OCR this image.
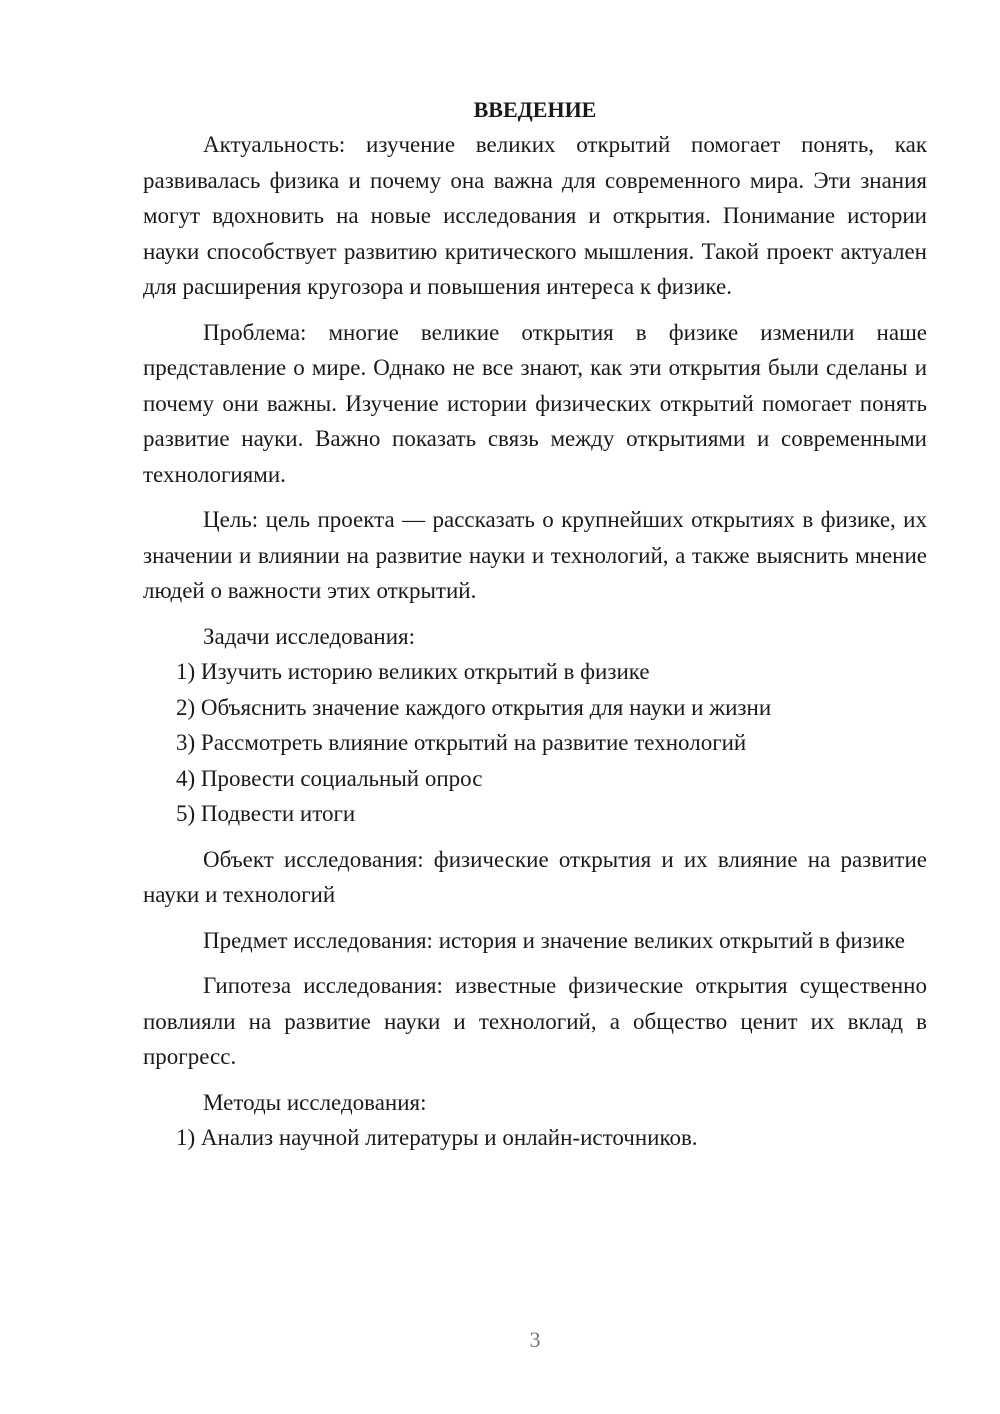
ВВЕДЕНИЕ

Актуальность: изучение великих открытий помогает понять, как развивалась физика и почему она важна для современного мира. Эти знания могут вдохновить на новые исследования и открытия. Понимание истории науки способствует развитию критического мышления. Такой проект актуален для расширения кругозора и повышения интереса к физике.

Проблема: многие великие открытия в физике изменили наше представление о мире. Однако не все знают, как эти открытия были сделаны и почему они важны. Изучение истории физических открытий помогает понять развитие науки. Важно показать связь между открытиями и современными технологиями.

Цель: цель проекта — рассказать о крупнейших открытиях в физике, их значении и влиянии на развитие науки и технологий, а также выяснить мнение людей о важности этих открытий.

Задачи исследования:

1) Изучить историю великих открытий в физике

2) Объяснить значение каждого открытия для науки и жизни

3) Рассмотреть влияние открытий на развитие технологий

4) Провести социальный опрос

5) Подвести итоги

Объект исследования: физические открытия и их влияние на развитие науки и технологий

Предмет исследования: история и значение великих открытий в физике

Гипотеза исследования: известные физические открытия существенно повлияли на развитие науки и технологий, а общество ценит их вклад в прогресс.

Методы исследования:

1) Анализ научной литературы и онлайн-источников.

3
